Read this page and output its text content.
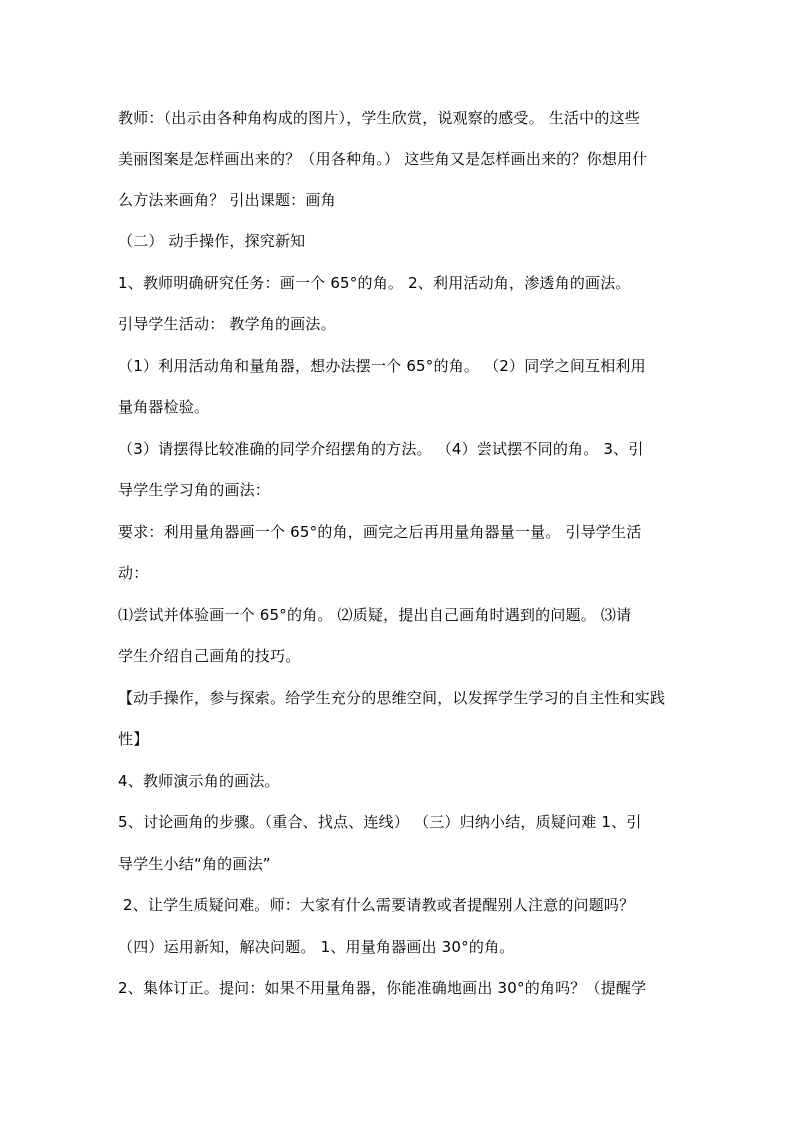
教师：（出示由各种角构成的图片），学生欣赏，说观察的感受。 生活中的这些
美丽图案是怎样画出来的？（用各种角。） 这些角又是怎样画出来的？你想用什
么方法来画角？ 引出课题：画角
（二） 动手操作，探究新知
1、教师明确研究任务：画一个 65°的角。 2、利用活动角，渗透角的画法。
引导学生活动： 教学角的画法。
（1）利用活动角和量角器，想办法摆一个 65°的角。 （2）同学之间互相利用
量角器检验。
（3）请摆得比较准确的同学介绍摆角的方法。 （4）尝试摆不同的角。 3、引
导学生学习角的画法：
要求：利用量角器画一个 65°的角，画完之后再用量角器量一量。 引导学生活
动：
⑴尝试并体验画一个 65°的角。 ⑵质疑，提出自己画角时遇到的问题。 ⑶请
学生介绍自己画角的技巧。
【动手操作，参与探索。给学生充分的思维空间，以发挥学生学习的自主性和实践
性】
4、教师演示角的画法。
5、讨论画角的步骤。（重合、找点、连线） （三）归纳小结，质疑问难 1、引
导学生小结“角的画法”
2、让学生质疑问难。师：大家有什么需要请教或者提醒别人注意的问题吗？
（四）运用新知，解决问题。 1、用量角器画出 30°的角。
2、集体订正。提问：如果不用量角器，你能准确地画出 30°的角吗？（提醒学
